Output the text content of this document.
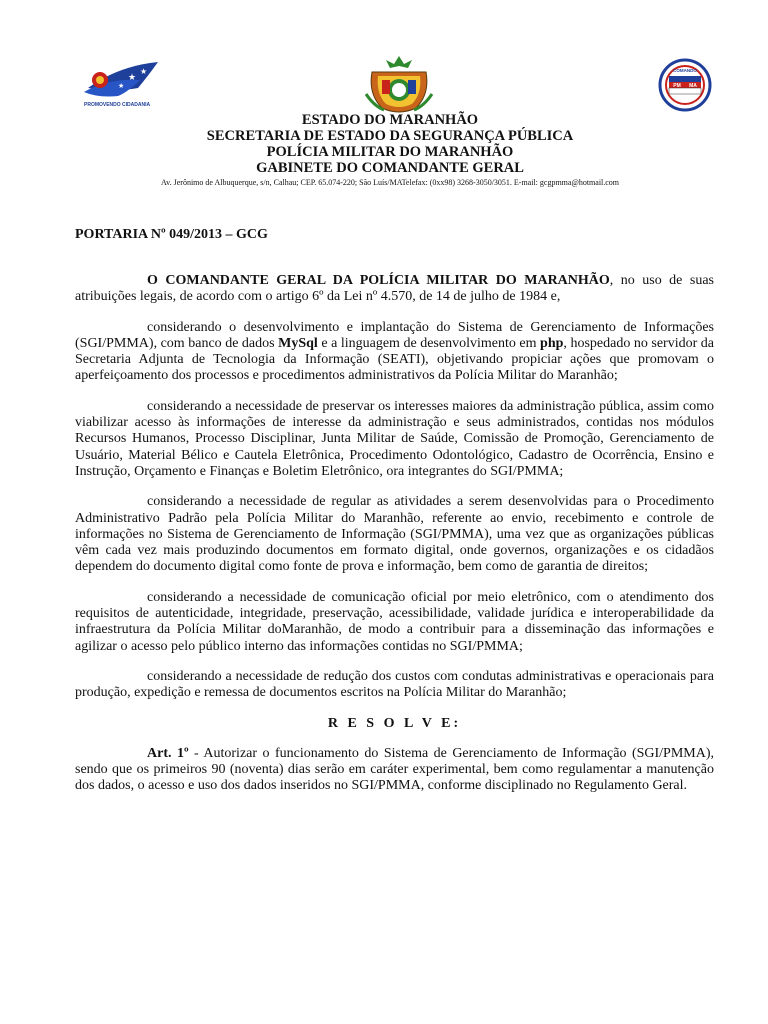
★
★
★
PROMOVENDO CIDADANIA
COMANDO
PM MA
ESTADO DO MARANHÃO
SECRETARIA DE ESTADO DA SEGURANÇA PÚBLICA
POLÍCIA MILITAR DO MARANHÃO
GABINETE DO COMANDANTE GERAL
Av. Jerônimo de Albuquerque, s/n, Calhau; CEP. 65.074-220; São Luís/MATelefax: (0xx98) 3268-3050/3051. E-mail: gcgpmma@hotmail.com
PORTARIA Nº 049/2013 – GCG

O COMANDANTE GERAL DA POLÍCIA MILITAR DO MARANHÃO, no uso de suas atribuições legais, de acordo com o artigo 6º da Lei nº 4.570, de 14 de julho de 1984 e,

considerando o desenvolvimento e implantação do Sistema de Gerenciamento de Informações (SGI/PMMA), com banco de dados MySql e a linguagem de desenvolvimento em php, hospedado no servidor da Secretaria Adjunta de Tecnologia da Informação (SEATI), objetivando propiciar ações que promovam o aperfeiçoamento dos processos e procedimentos administrativos da Polícia Militar do Maranhão;

considerando a necessidade de preservar os interesses maiores da administração pública, assim como viabilizar acesso às informações de interesse da administração e seus administrados, contidas nos módulos Recursos Humanos, Processo Disciplinar, Junta Militar de Saúde, Comissão de Promoção, Gerenciamento de Usuário, Material Bélico e Cautela Eletrônica, Procedimento Odontológico, Cadastro de Ocorrência, Ensino e Instrução, Orçamento e Finanças e Boletim Eletrônico, ora integrantes do SGI/PMMA;

considerando a necessidade de regular as atividades a serem desenvolvidas para o Procedimento Administrativo Padrão pela Polícia Militar do Maranhão, referente ao envio, recebimento e controle de informações no Sistema de Gerenciamento de Informação (SGI/PMMA), uma vez que as organizações públicas vêm cada vez mais produzindo documentos em formato digital, onde governos, organizações e os cidadãos dependem do documento digital como fonte de prova e informação, bem como de garantia de direitos;

considerando a necessidade de comunicação oficial por meio eletrônico, com o atendimento dos requisitos de autenticidade, integridade, preservação, acessibilidade, validade jurídica e interoperabilidade da infraestrutura da Polícia Militar doMaranhão, de modo a contribuir para a disseminação das informações e agilizar o acesso pelo público interno das informações contidas no SGI/PMMA;

considerando a necessidade de redução dos custos com condutas administrativas e operacionais para produção, expedição e remessa de documentos escritos na Polícia Militar do Maranhão;

R E S O L V E:

Art. 1º - Autorizar o funcionamento do Sistema de Gerenciamento de Informação (SGI/PMMA), sendo que os primeiros 90 (noventa) dias serão em caráter experimental, bem como regulamentar a manutenção dos dados, o acesso e uso dos dados inseridos no SGI/PMMA, conforme disciplinado no Regulamento Geral.
